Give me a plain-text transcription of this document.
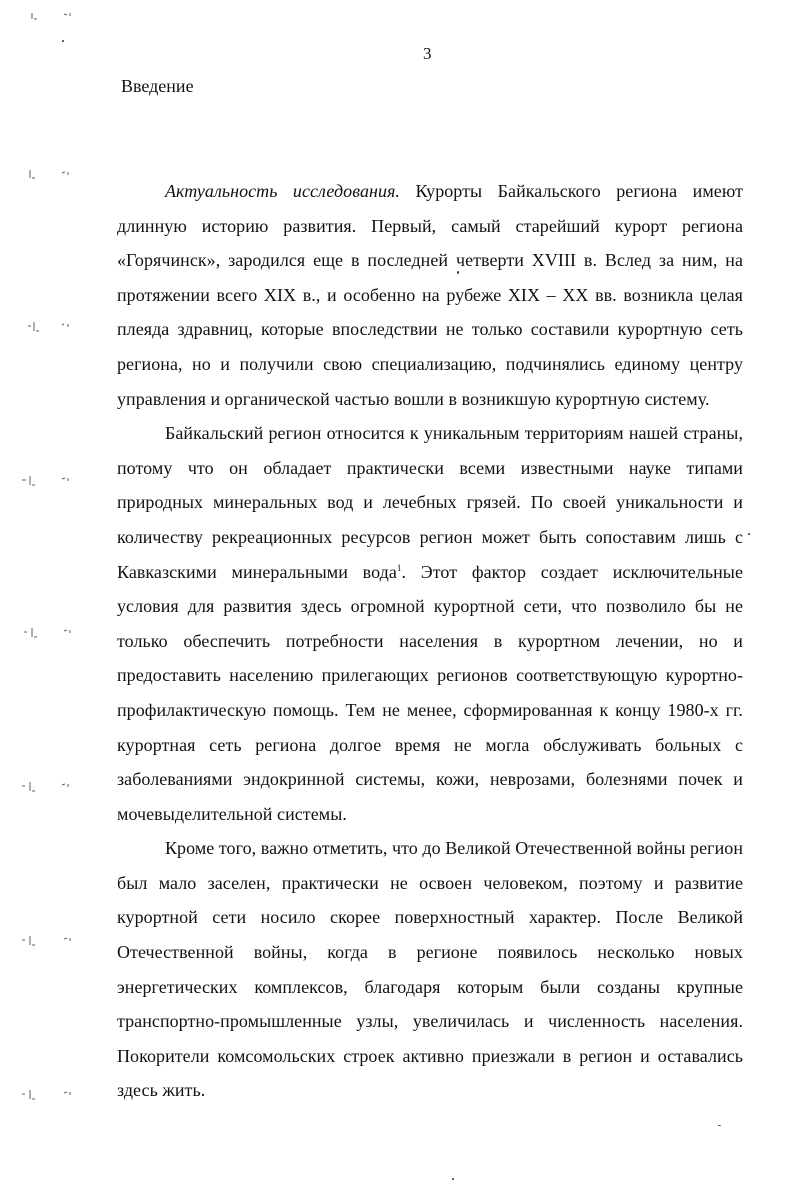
3
Введение

Актуальность исследования. Курорты Байкальского региона имеют длинную историю развития. Первый, самый старейший курорт региона «Горячинск», зародился еще в последней четверти XVIII в. Вслед за ним, на протяжении всего XIX в., и особенно на рубеже XIX – XX вв. возникла целая плеяда здравниц, которые впоследствии не только составили курортную сеть региона, но и получили свою специализацию, подчинялись единому центру управления и органической частью вошли в возникшую курортную систему.

Байкальский регион относится к уникальным территориям нашей страны, потому что он обладает практически всеми известными науке типами природных минеральных вод и лечебных грязей. По своей уникальности и количеству рекреационных ресурсов регион может быть сопоставим лишь с Кавказскими минеральными вода$^1$. Этот фактор создает исключительные условия для развития здесь огромной курортной сети, что позволило бы не только обеспечить потребности населения в курортном лечении, но и предоставить населению прилегающих регионов соответствующую курортно-профилактическую помощь. Тем не менее, сформированная к концу 1980-х гг. курортная сеть региона долгое время не могла обслуживать больных с заболеваниями эндокринной системы, кожи, неврозами, болезнями почек и мочевыделительной системы.

Кроме того, важно отметить, что до Великой Отечественной войны регион был мало заселен, практически не освоен человеком, поэтому и развитие курортной сети носило скорее поверхностный характер. После Великой Отечественной войны, когда в регионе появилось несколько новых энергетических комплексов, благодаря которым были созданы крупные транспортно-промышленные узлы, увеличилась и численность населения. Покорители комсомольских строек активно приезжали в регион и оставались здесь жить.
